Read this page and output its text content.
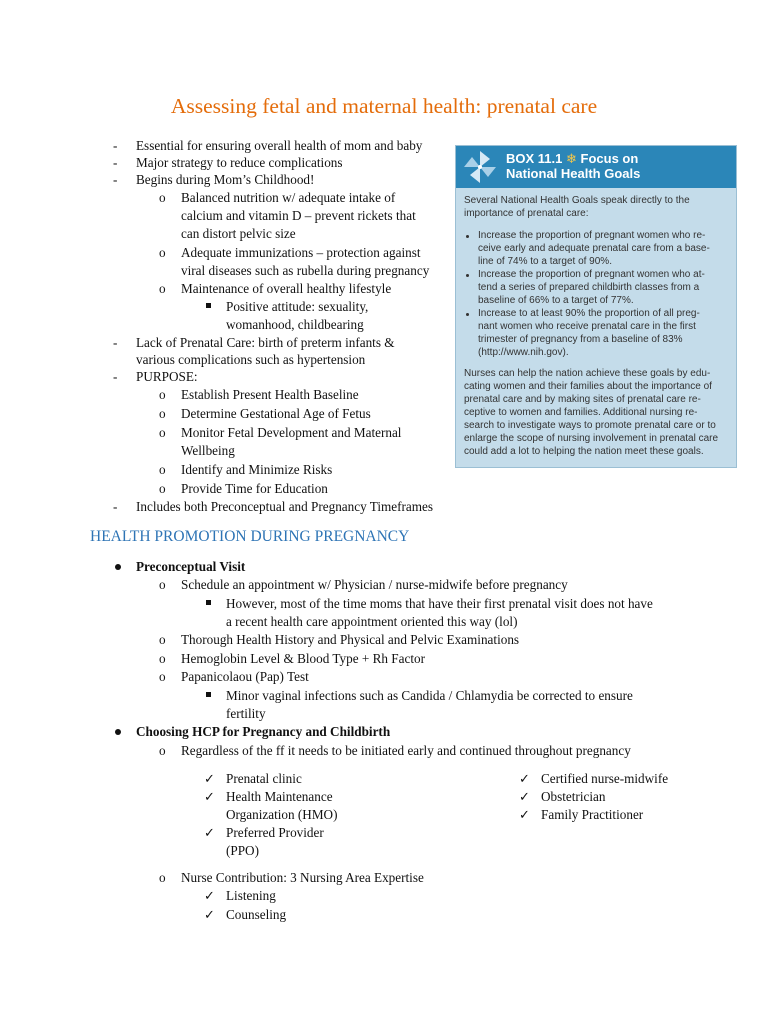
Assessing fetal and maternal health: prenatal care
- Essential for ensuring overall health of mom and baby
- Major strategy to reduce complications
- Begins during Mom’s Childhood!
o Balanced nutrition w/ adequate intake of
calcium and vitamin D – prevent rickets that
can distort pelvic size
o Adequate immunizations – protection against
viral diseases such as rubella during pregnancy
o Maintenance of overall healthy lifestyle
Positive attitude: sexuality,
womanhood, childbearing
- Lack of Prenatal Care: birth of preterm infants &
various complications such as hypertension
- PURPOSE:
o Establish Present Health Baseline
o Determine Gestational Age of Fetus
o Monitor Fetal Development and Maternal
Wellbeing
o Identify and Minimize Risks
o Provide Time for Education
- Includes both Preconceptual and Pregnancy Timeframes
BOX 11.1 ❄ Focus on
National Health Goals
Several National Health Goals speak directly to the
importance of prenatal care:
Increase the proportion of pregnant women who re-
ceive early and adequate prenatal care from a base-
line of 74% to a target of 90%.
Increase the proportion of pregnant women who at-
tend a series of prepared childbirth classes from a
baseline of 66% to a target of 77%.
Increase to at least 90% the proportion of all preg-
nant women who receive prenatal care in the first
trimester of pregnancy from a baseline of 83%
(http://www.nih.gov).
Nurses can help the nation achieve these goals by edu-
cating women and their families about the importance of
prenatal care and by making sites of prenatal care re-
ceptive to women and families. Additional nursing re-
search to investigate ways to promote prenatal care or to
enlarge the scope of nursing involvement in prenatal care
could add a lot to helping the nation meet these goals.
HEALTH PROMOTION DURING PREGNANCY
Preconceptual Visit
o Schedule an appointment w/ Physician / nurse-midwife before pregnancy
However, most of the time moms that have their first prenatal visit does not have
a recent health care appointment oriented this way (lol)
o Thorough Health History and Physical and Pelvic Examinations
o Hemoglobin Level & Blood Type + Rh Factor
o Papanicolaou (Pap) Test
Minor vaginal infections such as Candida / Chlamydia be corrected to ensure
fertility
Choosing HCP for Pregnancy and Childbirth
o Regardless of the ff it needs to be initiated early and continued throughout pregnancy
✓ Prenatal clinic
✓ Health Maintenance
Organization (HMO)
✓ Preferred Provider
(PPO)
✓ Certified nurse-midwife
✓ Obstetrician
✓ Family Practitioner
o Nurse Contribution: 3 Nursing Area Expertise
✓ Listening
✓ Counseling
